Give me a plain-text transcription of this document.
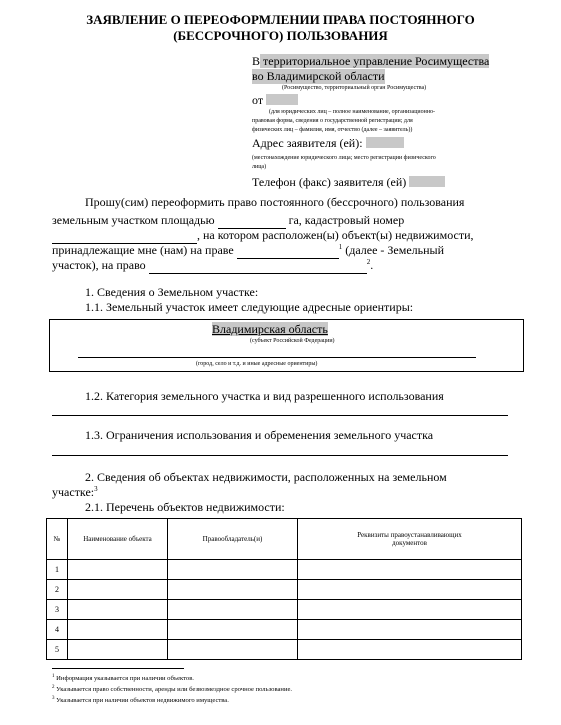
ЗАЯВЛЕНИЕ О ПЕРЕОФОРМЛЕНИИ ПРАВА ПОСТОЯННОГО
(БЕССРОЧНОГО) ПОЛЬЗОВАНИЯ
В территориальное управление Росимущества
во Владимирской области
(Росимущество, территориальный орган Росимущества)
от
(для юридических лиц – полное наименование, организационно-
правовая форма, сведения о государственной регистрации; для
физических лиц – фамилия, имя, отчество (далее – заявитель))
Адрес заявителя (ей):
(местонахождение юридического лица; место регистрации физического
лица)
Телефон (факс) заявителя (ей)
Прошу(сим) переоформить право постоянного (бессрочного) пользования
земельным участком площадью	га, кадастровый номер
, на котором расположен(ы) объект(ы) недвижимости,
принадлежащие мне (нам) на праве	$^1$ (далее - Земельный
участок), на право	$^2$.
1. Сведения о Земельном участке:
1.1. Земельный участок имеет следующие адресные ориентиры:
Владимирская область
(субъект Российской Федерации)
(город, село и т.д. и иные адресные ориентиры)
1.2. Категория земельного участка и вид разрешенного использования
1.3. Ограничения использования и обременения земельного участка
2. Сведения об объектах недвижимости, расположенных на земельном
участке:$^3$
2.1. Перечень объектов недвижимости:
№	Наименование объекта	Правообладатель(и)	Реквизиты правоустанавливающих документов
1			
2			
3			
4			
5			
$^1$ Информация указывается при наличии объектов.
$^2$ Указывается право собственности, аренды или безвозмездное срочное пользование.
$^3$ Указывается при наличии объектов недвижимого имущества.
